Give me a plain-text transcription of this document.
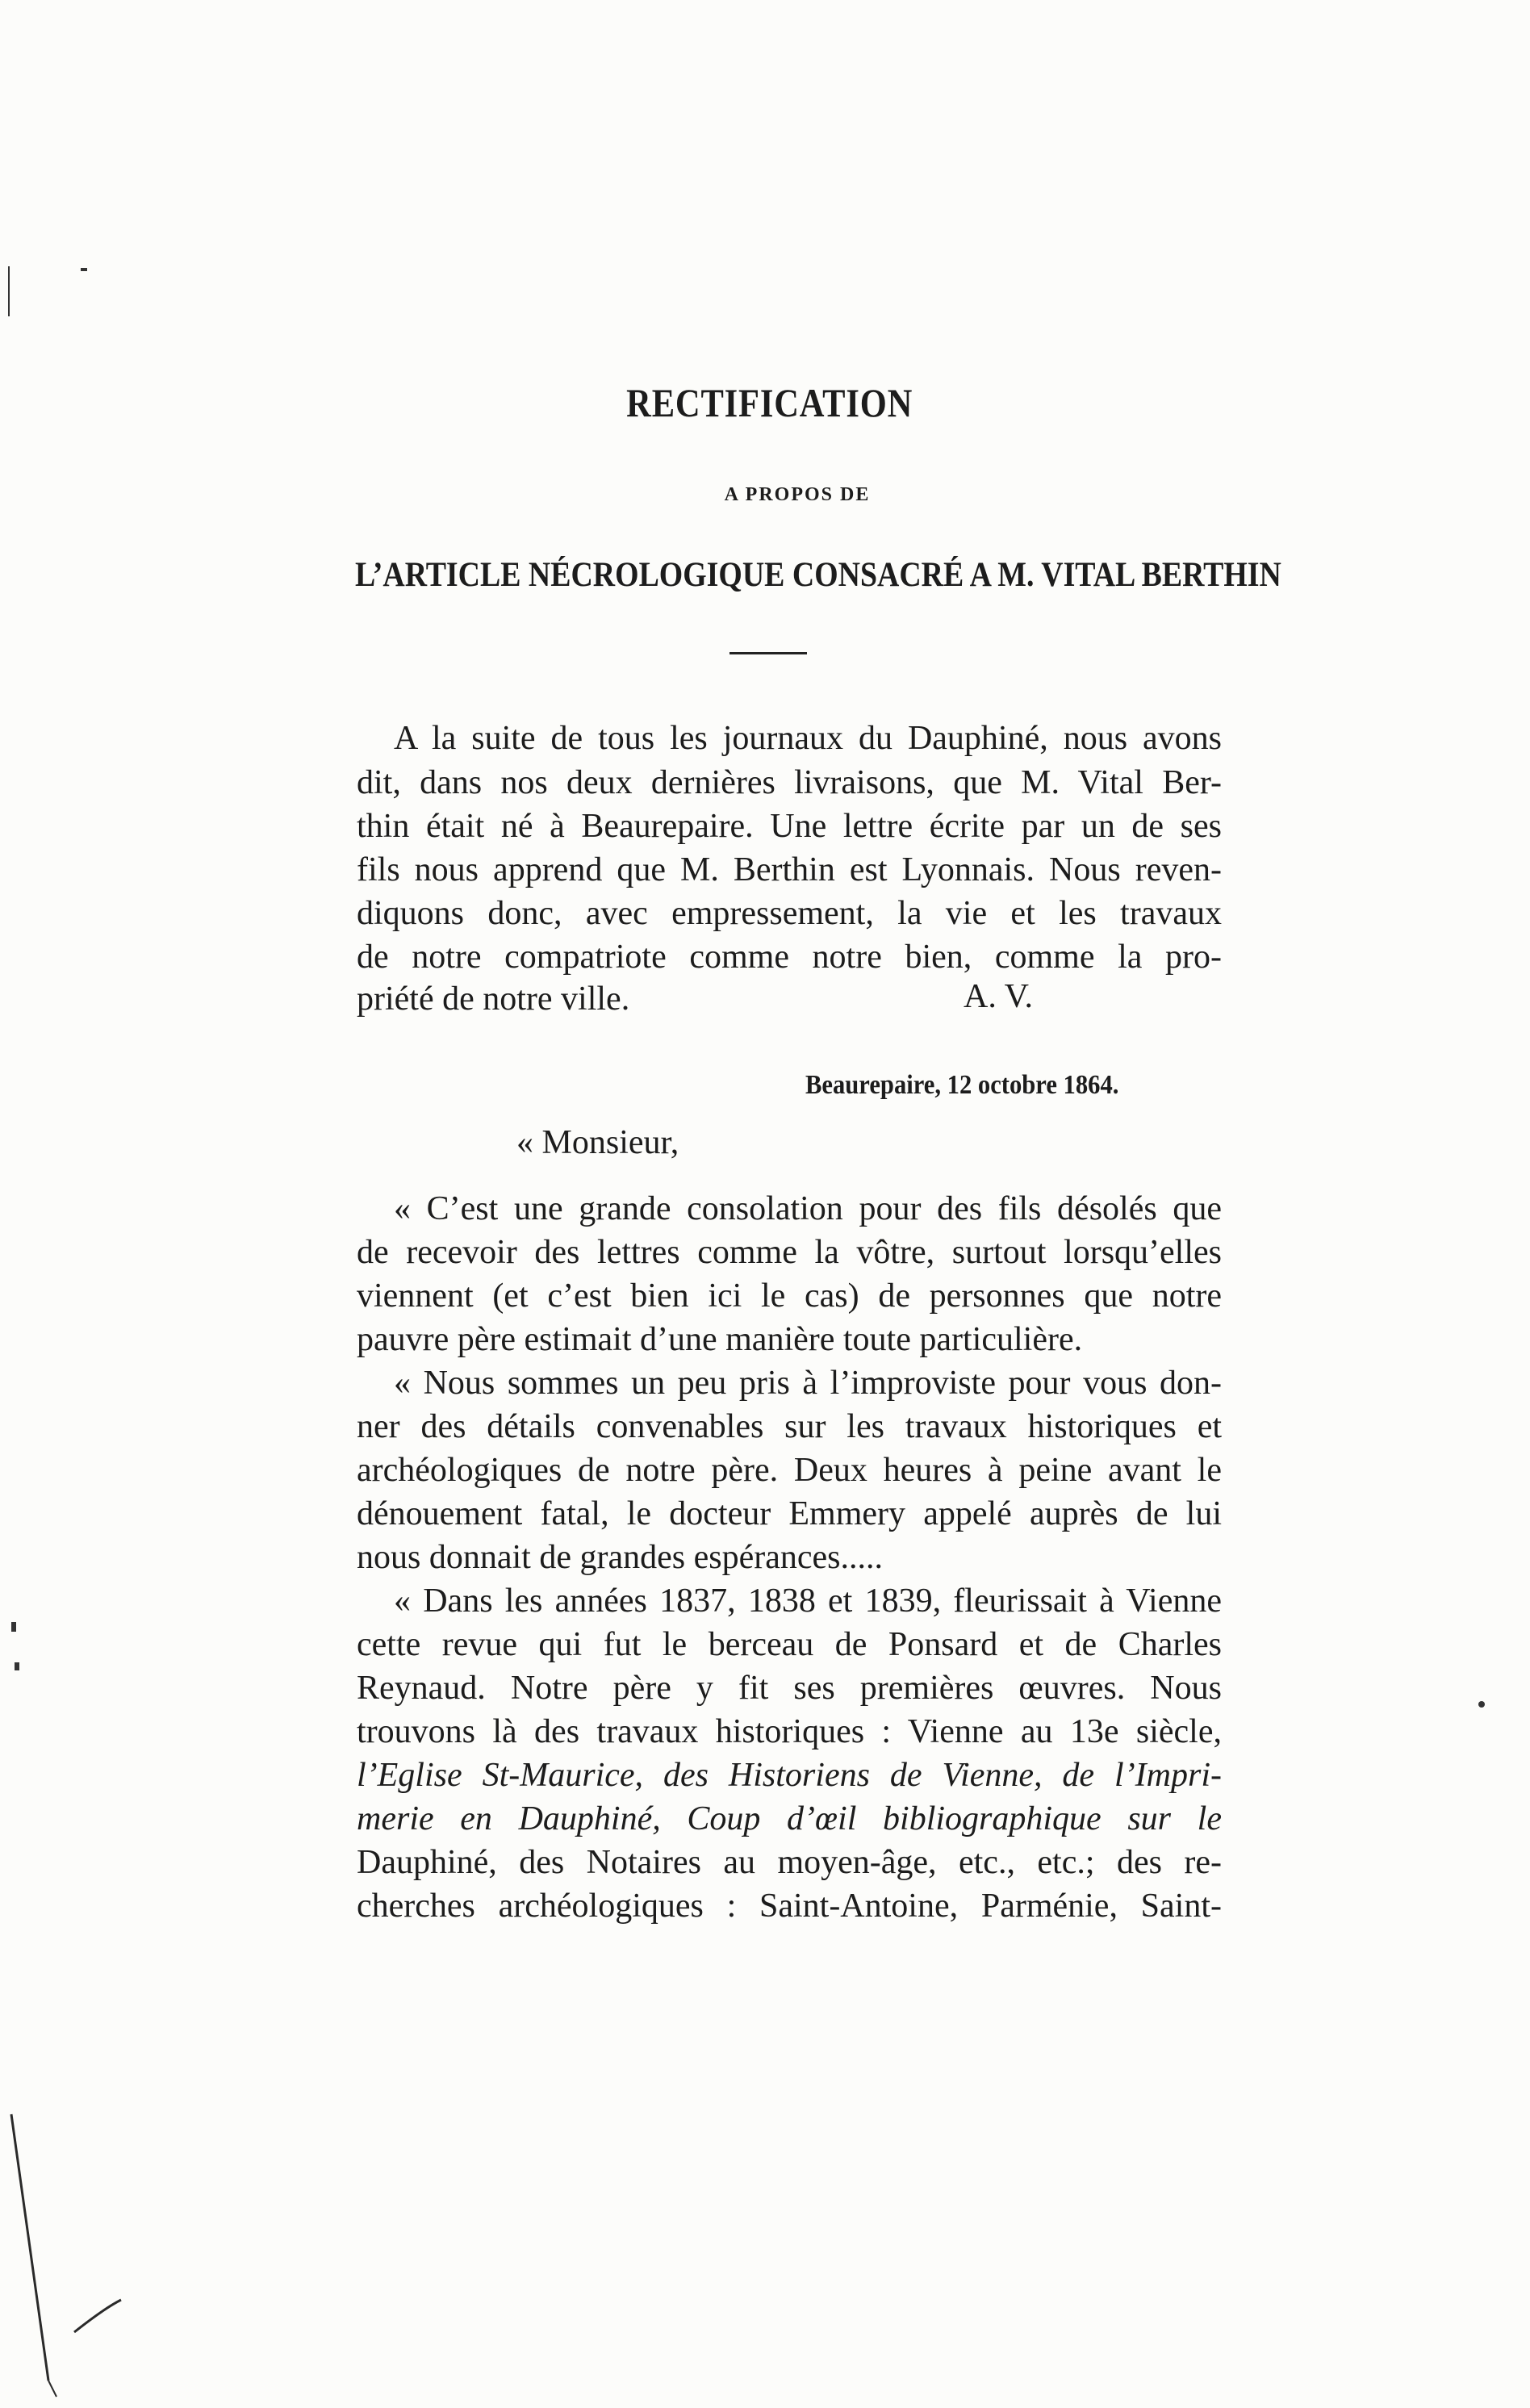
RECTIFICATION
A PROPOS DE
L’ARTICLE NÉCROLOGIQUE CONSACRÉ A M. VITAL BERTHIN
A la suite de tous les journaux du Dauphiné, nous avons
dit, dans nos deux dernières livraisons, que M. Vital Ber-
thin était né à Beaurepaire. Une lettre écrite par un de ses
fils nous apprend que M. Berthin est Lyonnais. Nous reven-
diquons donc, avec empressement, la vie et les travaux
de notre compatriote comme notre bien, comme la pro-
priété de notre ville.	A. V.
Beaurepaire, 12 octobre 1864.
« Monsieur,
« C’est une grande consolation pour des fils désolés que
de recevoir des lettres comme la vôtre, surtout lorsqu’elles
viennent (et c’est bien ici le cas) de personnes que notre
pauvre père estimait d’une manière toute particulière.
« Nous sommes un peu pris à l’improviste pour vous don-
ner des détails convenables sur les travaux historiques et
archéologiques de notre père. Deux heures à peine avant le
dénouement fatal, le docteur Emmery appelé auprès de lui
nous donnait de grandes espérances.....
« Dans les années 1837, 1838 et 1839, fleurissait à Vienne
cette revue qui fut le berceau de Ponsard et de Charles
Reynaud. Notre père y fit ses premières œuvres. Nous
trouvons là des travaux historiques : Vienne au 13e siècle,
l’Eglise St-Maurice, des Historiens de Vienne, de l’Impri-
merie en Dauphiné, Coup d’œil bibliographique sur le
Dauphiné, des Notaires au moyen-âge, etc., etc.; des re-
cherches archéologiques : Saint-Antoine, Parménie, Saint-
